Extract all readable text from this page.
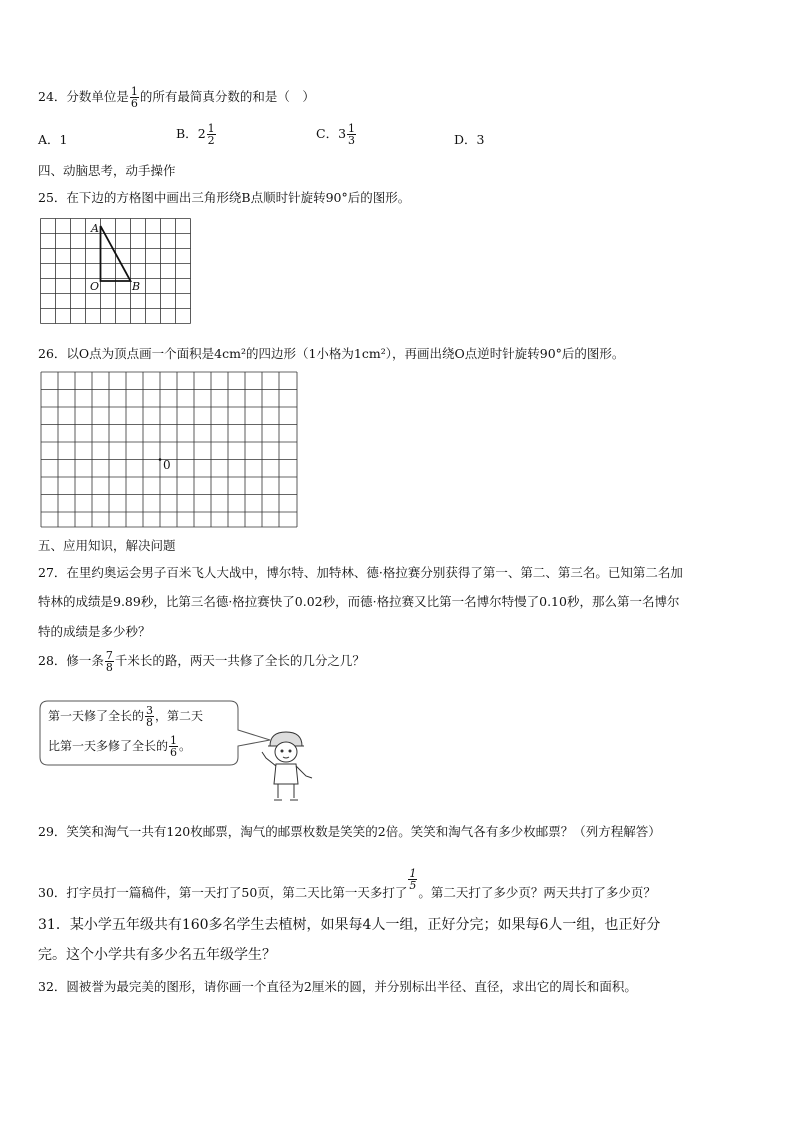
24．分数单位是 $\frac{1}{6}$ 的所有最简真分数的和是（　）
A．1	B．$2 \frac{1}{2}$	C．$3 \frac{1}{3}$	D．3
四、动脑思考，动手操作
25．在下边的方格图中画出三角形绕B点顺时针旋转90°后的图形。
A
O	B
26．以O点为顶点画一个面积是4cm²的四边形（1小格为1cm²），再画出绕O点逆时针旋转90°后的图形。
0
五、应用知识，解决问题
27．在里约奥运会男子百米飞人大战中，博尔特、加特林、德·格拉赛分别获得了第一、第二、第三名。已知第二名加
特林的成绩是9.89秒，比第三名德·格拉赛快了0.02秒，而德·格拉赛又比第一名博尔特慢了0.10秒，那么第一名博尔
特的成绩是多少秒？
28．修一条 $\frac{7}{8}$ 千米长的路，两天一共修了全长的几分之几？
第一天修了全长的 $\frac{3}{8}$ ，第二天
比第一天多修了全长的 $\frac{1}{6}$ 。
29．笑笑和淘气一共有120枚邮票，淘气的邮票枚数是笑笑的2倍。笑笑和淘气各有多少枚邮票？（列方程解答）
30．打字员打一篇稿件，第一天打了50页，第二天比第一天多打了
$\frac{1}{5}$
。第二天打了多少页？两天共打了多少页？
31．某小学五年级共有160多名学生去植树，如果每4人一组，正好分完；如果每6人一组，也正好分
完。这个小学共有多少名五年级学生？
32．圆被誉为最完美的图形，请你画一个直径为2厘米的圆，并分别标出半径、直径，求出它的周长和面积。
